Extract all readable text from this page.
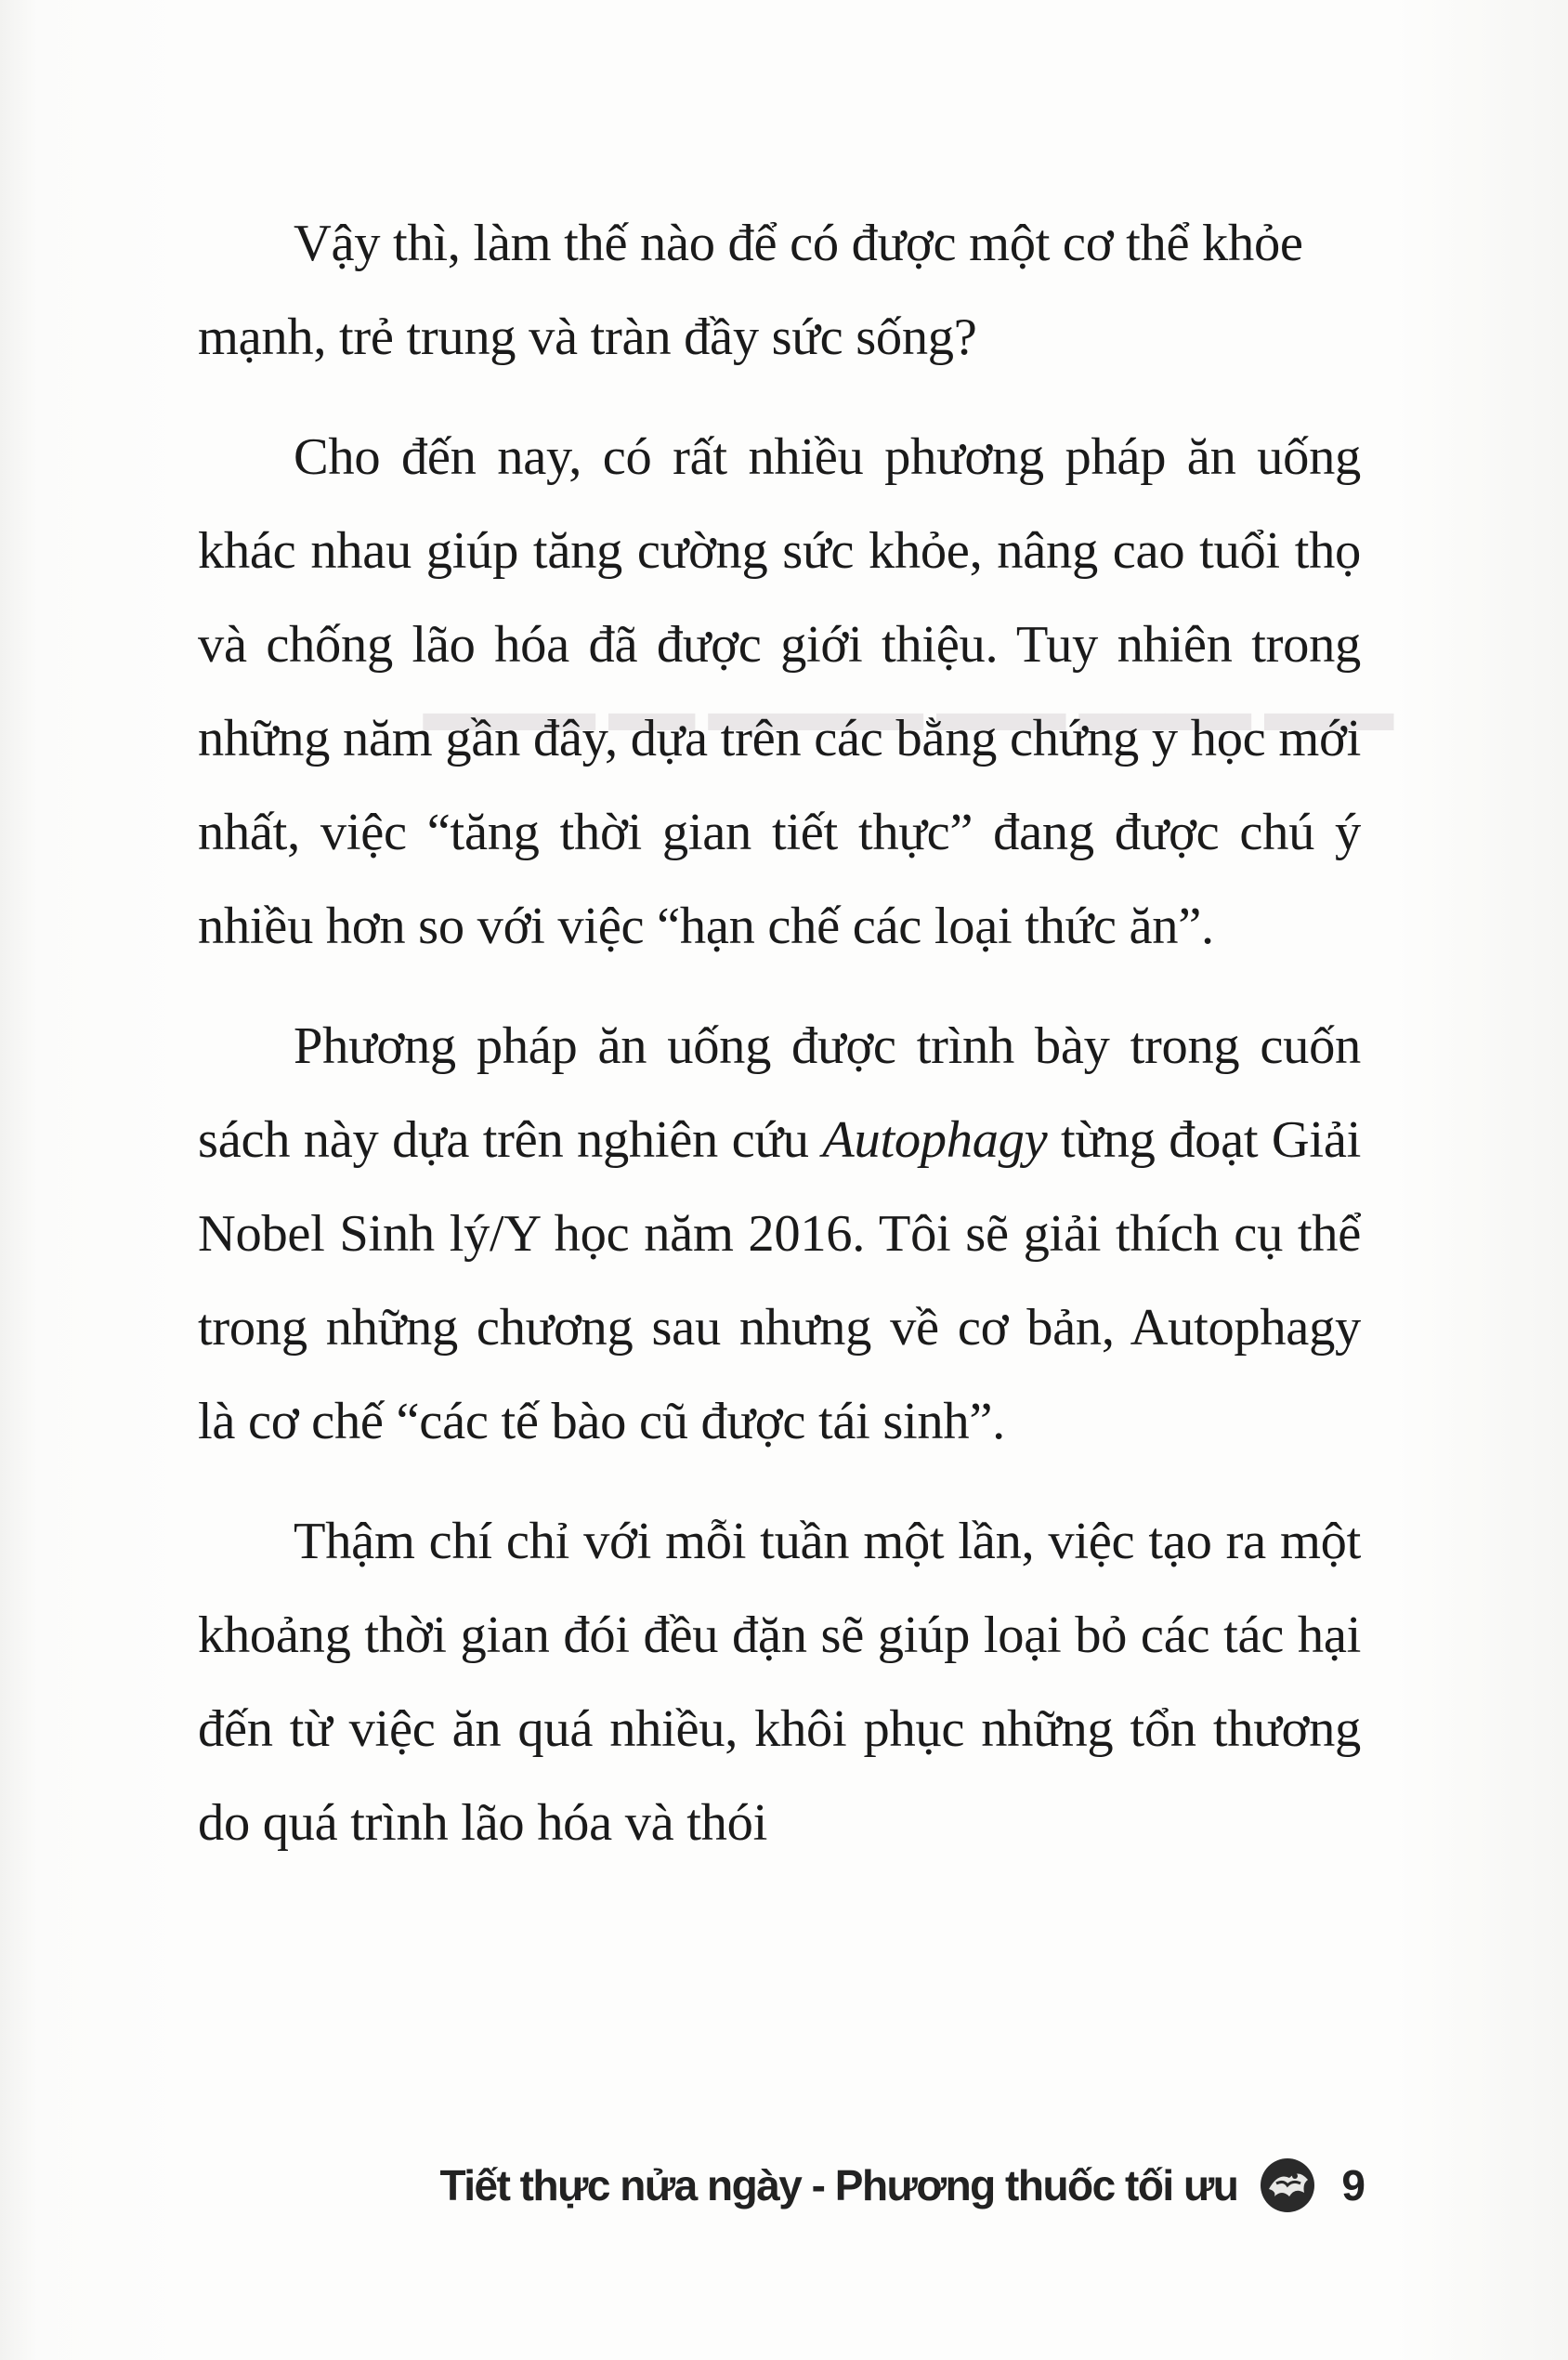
▂▂▂ ▂▂▂▂ ▂▂▂ ▂▂▂▂▂ ▂▂ ▂▂▂▂

Vậy thì, làm thế nào để có được một cơ thể khỏe mạnh, trẻ trung và tràn đầy sức sống?

Cho đến nay, có rất nhiều phương pháp ăn uống khác nhau giúp tăng cường sức khỏe, nâng cao tuổi thọ và chống lão hóa đã được giới thiệu. Tuy nhiên trong những năm gần đây, dựa trên các bằng chứng y học mới nhất, việc “tăng thời gian tiết thực” đang được chú ý nhiều hơn so với việc “hạn chế các loại thức ăn”.

Phương pháp ăn uống được trình bày trong cuốn sách này dựa trên nghiên cứu Autophagy từng đoạt Giải Nobel Sinh lý/Y học năm 2016. Tôi sẽ giải thích cụ thể trong những chương sau nhưng về cơ bản, Autophagy là cơ chế “các tế bào cũ được tái sinh”.

Thậm chí chỉ với mỗi tuần một lần, việc tạo ra một khoảng thời gian đói đều đặn sẽ giúp loại bỏ các tác hại đến từ việc ăn quá nhiều, khôi phục những tổn thương do quá trình lão hóa và thói

Tiết thực nửa ngày - Phương thuốc tối ưu 9
